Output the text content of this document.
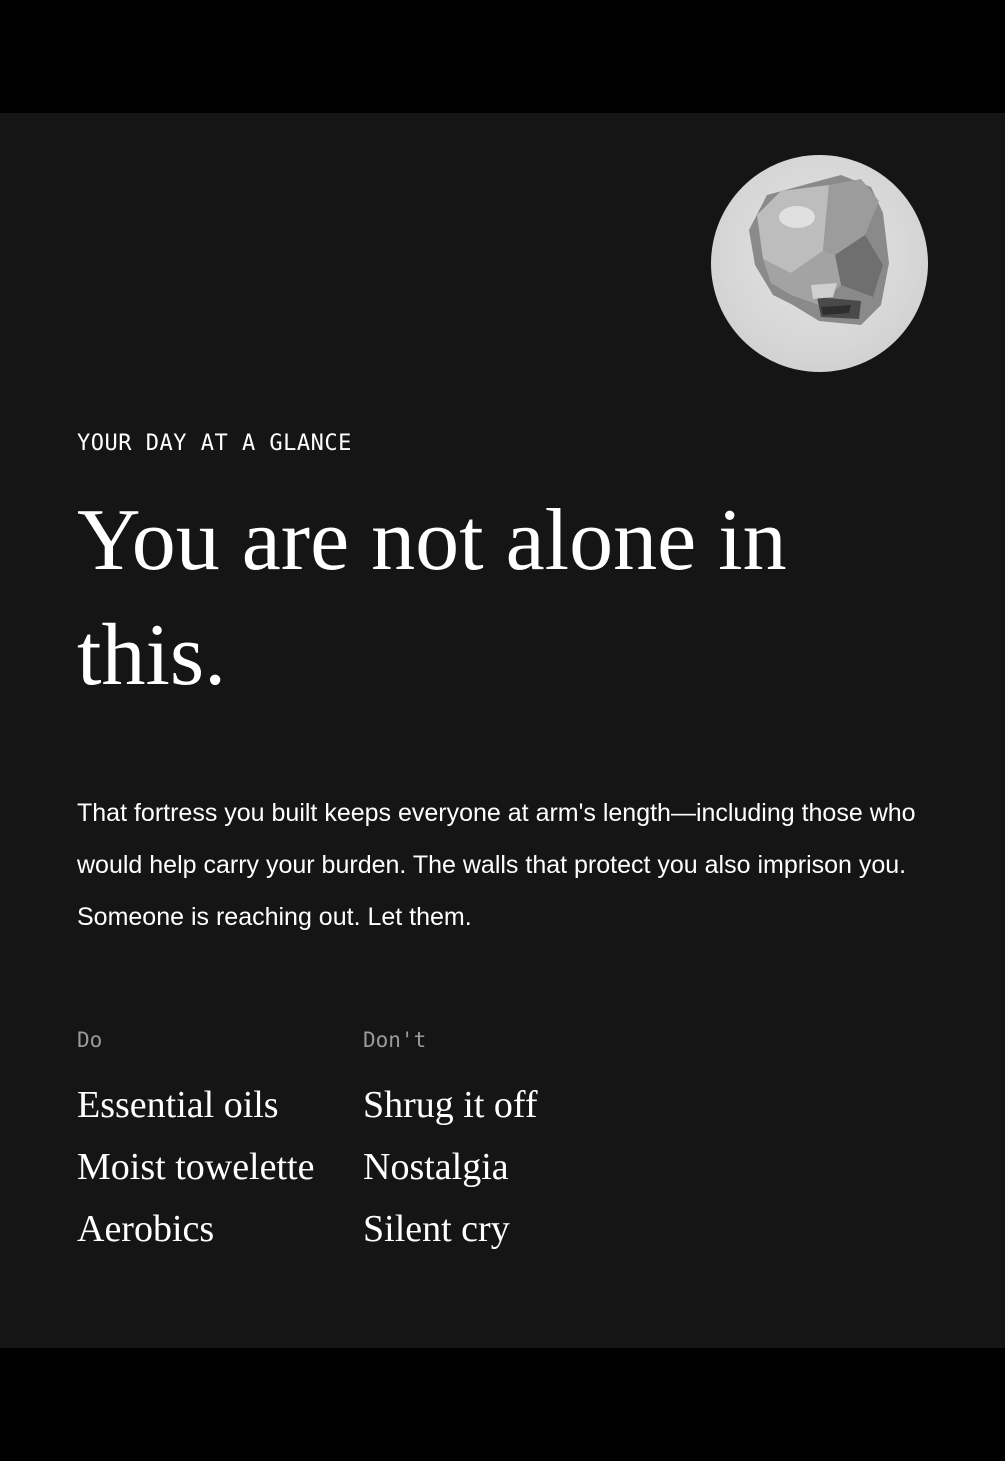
YOUR DAY AT A GLANCE
You are not alone in this.

That fortress you built keeps everyone at arm's length—including those who would help carry your burden. The walls that protect you also imprison you. Someone is reaching out. Let them.

Do
Essential oils
Moist towelette
Aerobics
Don't
Shrug it off
Nostalgia
Silent cry
